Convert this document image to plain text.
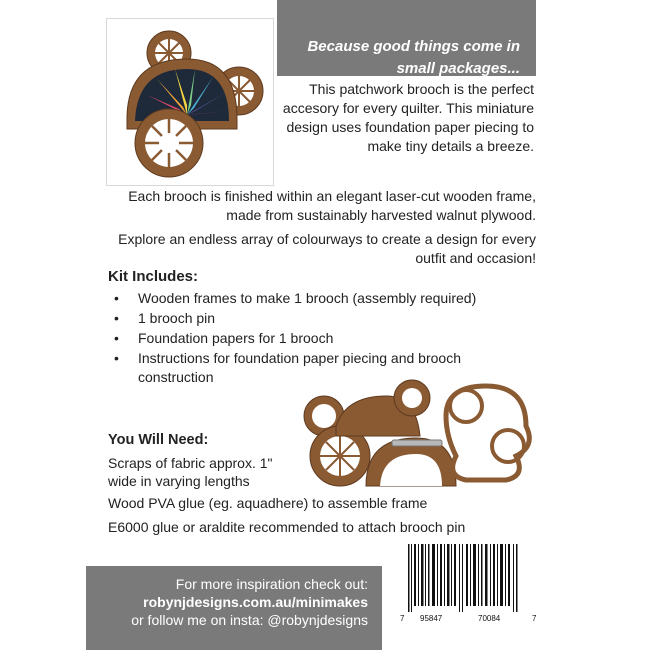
Because good things come in
small packages...
This patchwork brooch is the perfect accesory for every quilter. This miniature design uses foundation paper piecing to make tiny details a breeze.
Each brooch is finished within an elegant laser-cut wooden frame, made from sustainably harvested walnut plywood.
Explore an endless array of colourways to create a design for every outfit and occasion!
Kit Includes:
• Wooden frames to make 1 brooch (assembly required)
• 1 brooch pin
• Foundation papers for 1 brooch
• Instructions for foundation paper piecing and brooch construction
You Will Need:
Scraps of fabric approx. 1" wide in varying lengths
Wood PVA glue (eg. aquadhere) to assemble frame
E6000 glue or araldite recommended to attach brooch pin
For more inspiration check out:
robynjdesigns.com.au/minimakes
or follow me on insta: @robynjdesigns	7 95847	70084	7
